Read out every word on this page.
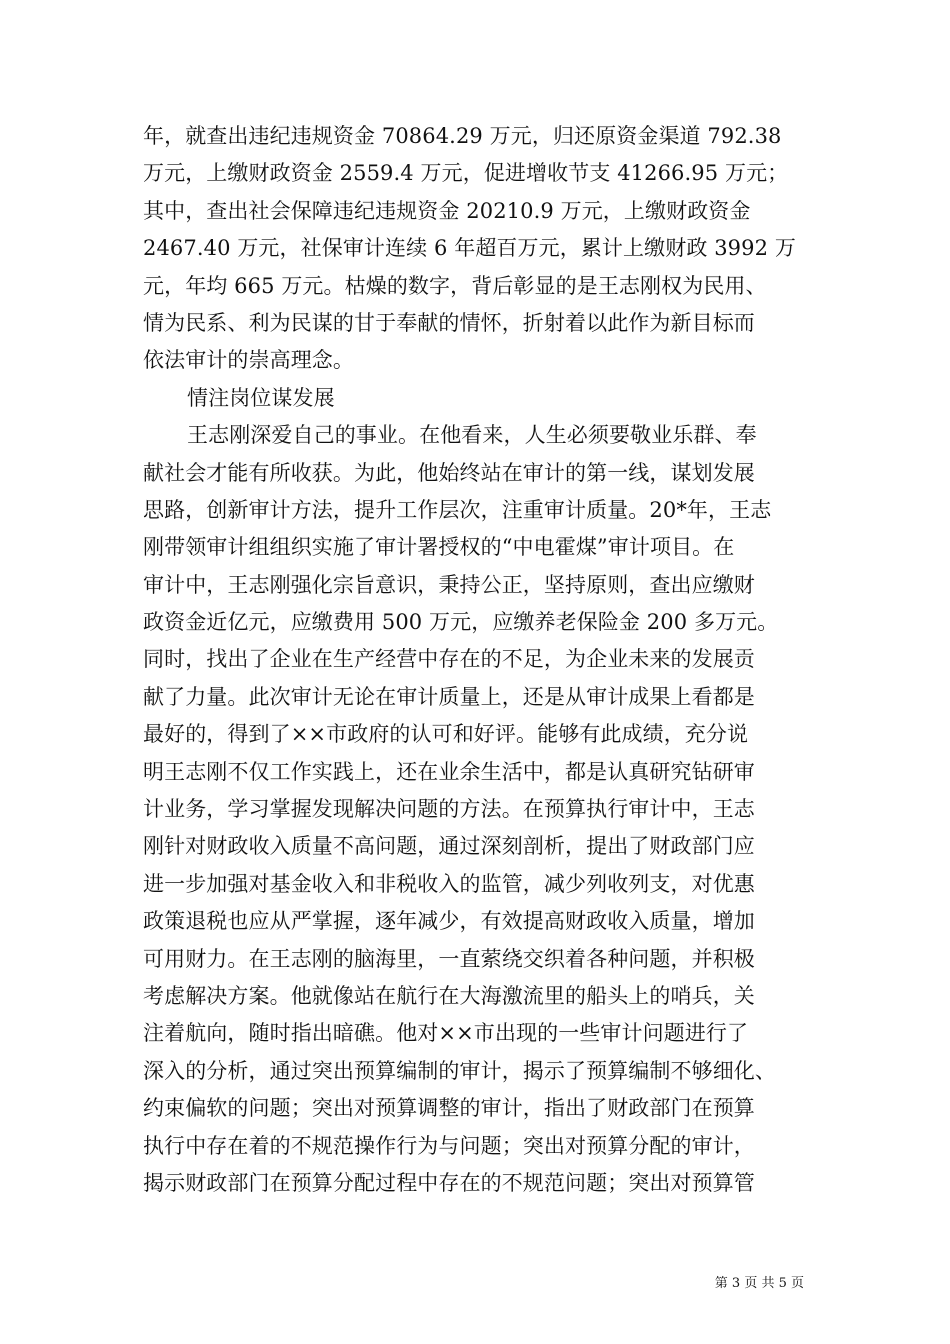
年，就查出违纪违规资金 70864.29 万元，归还原资金渠道 792.38
万元，上缴财政资金 2559.4 万元，促进增收节支 41266.95 万元；
其中，查出社会保障违纪违规资金 20210.9 万元，上缴财政资金
2467.40 万元，社保审计连续 6 年超百万元，累计上缴财政 3992 万
元，年均 665 万元。枯燥的数字，背后彰显的是王志刚权为民用、
情为民系、利为民谋的甘于奉献的情怀，折射着以此作为新目标而
依法审计的崇高理念。
情注岗位谋发展
王志刚深爱自己的事业。在他看来，人生必须要敬业乐群、奉
献社会才能有所收获。为此，他始终站在审计的第一线，谋划发展
思路，创新审计方法，提升工作层次，注重审计质量。20*年，王志
刚带领审计组组织实施了审计署授权的“中电霍煤”审计项目。在
审计中，王志刚强化宗旨意识，秉持公正，坚持原则，查出应缴财
政资金近亿元，应缴费用 500 万元，应缴养老保险金 200 多万元。
同时，找出了企业在生产经营中存在的不足，为企业未来的发展贡
献了力量。此次审计无论在审计质量上，还是从审计成果上看都是
最好的，得到了××市政府的认可和好评。能够有此成绩，充分说
明王志刚不仅工作实践上，还在业余生活中，都是认真研究钻研审
计业务，学习掌握发现解决问题的方法。在预算执行审计中，王志
刚针对财政收入质量不高问题，通过深刻剖析，提出了财政部门应
进一步加强对基金收入和非税收入的监管，减少列收列支，对优惠
政策退税也应从严掌握，逐年减少，有效提高财政收入质量，增加
可用财力。在王志刚的脑海里，一直萦绕交织着各种问题，并积极
考虑解决方案。他就像站在航行在大海激流里的船头上的哨兵，关
注着航向，随时指出暗礁。他对××市出现的一些审计问题进行了
深入的分析，通过突出预算编制的审计，揭示了预算编制不够细化、
约束偏软的问题；突出对预算调整的审计，指出了财政部门在预算
执行中存在着的不规范操作行为与问题；突出对预算分配的审计，
揭示财政部门在预算分配过程中存在的不规范问题；突出对预算管
第 3 页 共 5 页
